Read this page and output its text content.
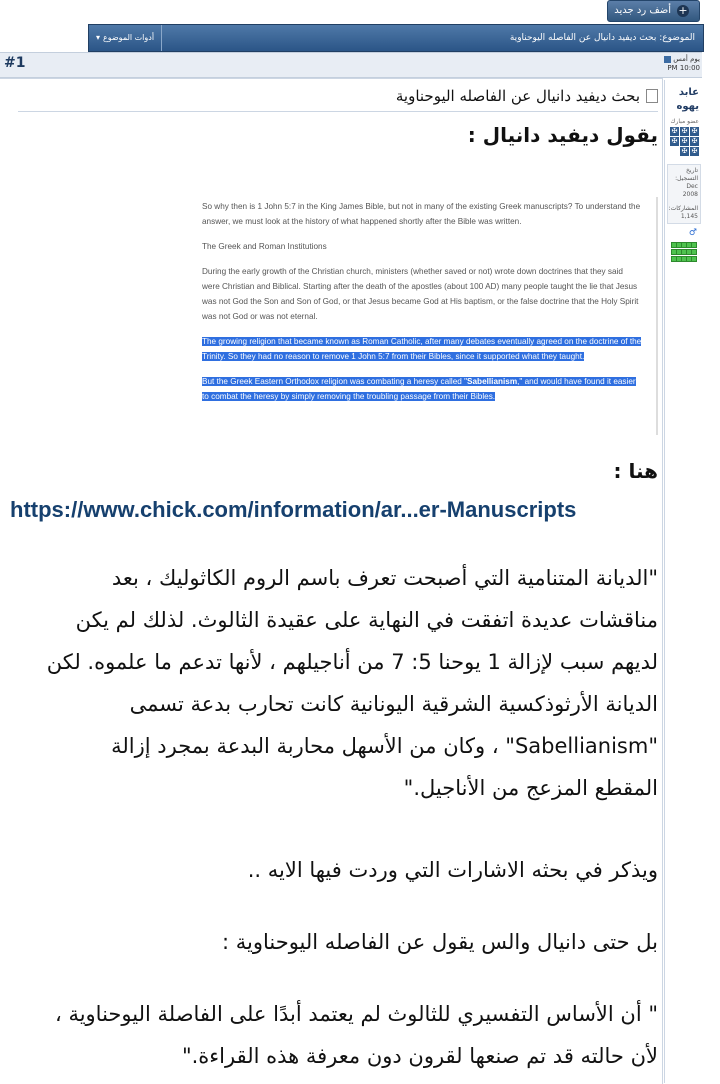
+
أضف رد جديد
الموضوع: بحث ديفيد دانيال عن الفاصله اليوحناوية
أدوات الموضوع
▾
#1	يوم أمس
PM 10:00
عابد
يهوه
عضو مبارك
✠
✠
✠
✠
✠
✠
✠
✠
تاريخ التسجيل:
Dec 2008
المشاركات:
1,145
♂
بحث ديفيد دانيال عن الفاصله اليوحناوية
يقول ديفيد دانيال :

So why then is 1 John 5:7 in the King James Bible, but not in many of the existing Greek manuscripts? To understand the answer, we must look at the history of what happened shortly after the Bible was written.

The Greek and Roman Institutions

During the early growth of the Christian church, ministers (whether saved or not) wrote down doctrines that they said were Christian and Biblical. Starting after the death of the apostles (about 100 AD) many people taught the lie that Jesus was not God the Son and Son of God, or that Jesus became God at His baptism, or the false doctrine that the Holy Spirit was not God or was not eternal.

The growing religion that became known as Roman Catholic, after many debates eventually agreed on the doctrine of the Trinity. So they had no reason to remove 1 John 5:7 from their Bibles, since it supported what they taught.

But the Greek Eastern Orthodox religion was combating a heresy called "Sabellianism," and would have found it easier to combat the heresy by simply removing the troubling passage from their Bibles.

هنا :
https://www.chick.com/information/ar...er-Manuscripts
"الديانة المتنامية التي أصبحت تعرف باسم الروم الكاثوليك ، بعد
مناقشات عديدة اتفقت في النهاية على عقيدة الثالوث. لذلك لم يكن
لديهم سبب لإزالة 1 يوحنا 5: 7 من أناجيلهم ، لأنها تدعم ما علموه. لكن
الديانة الأرثوذكسية الشرقية اليونانية كانت تحارب بدعة تسمى
"Sabellianism" ، وكان من الأسهل محاربة البدعة بمجرد إزالة
المقطع المزعج من الأناجيل."
ويذكر في بحثه الاشارات التي وردت فيها الايه ..
بل حتى دانيال والس يقول عن الفاصله اليوحناوية :
" أن الأساس التفسيري للثالوث لم يعتمد أبدًا على الفاصلة اليوحناوية ،
لأن حالته قد تم صنعها لقرون دون معرفة هذه القراءة."
